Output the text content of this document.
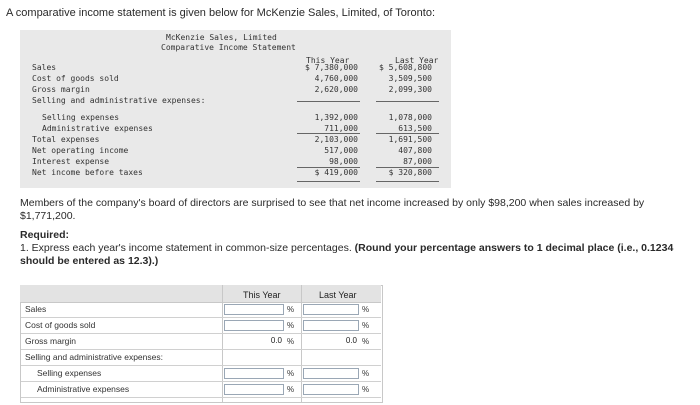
A comparative income statement is given below for McKenzie Sales, Limited, of Toronto:
McKenzie Sales, Limited
Comparative Income Statement
This Year	Last Year
Sales	$ 7,380,000	$ 5,608,800
Cost of goods sold	4,760,000	3,509,500
Gross margin	2,620,000	2,099,300
Selling and administrative expenses:
Selling expenses	1,392,000	1,078,000
Administrative expenses	711,000	613,500
Total expenses	2,103,000	1,691,500
Net operating income	517,000	407,800
Interest expense	98,000	87,000
Net income before taxes	$ 419,000	$ 320,800
Members of the company's board of directors are surprised to see that net income increased by only $98,200 when sales increased by $1,771,200.
Required:
1. Express each year's income statement in common-size percentages. (Round your percentage answers to 1 decimal place (i.e., 0.1234 should be entered as 12.3).)
This Year	Last Year
Sales	%	%
Cost of goods sold	%	%
Gross margin	0.0 %	0.0 %
Selling and administrative expenses:
Selling expenses	%	%
Administrative expenses	%	%
